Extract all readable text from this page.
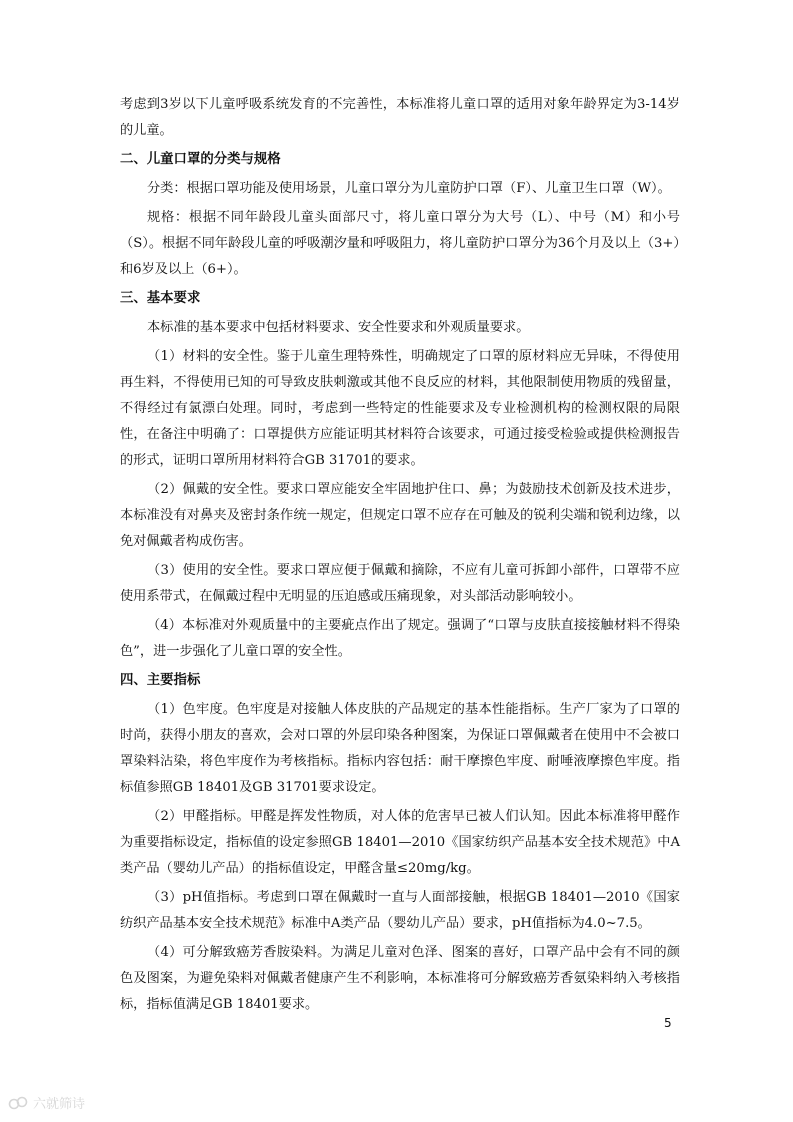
考虑到3岁以下儿童呼吸系统发育的不完善性，本标准将儿童口罩的适用对象年龄界定为3-14岁的儿童。

二、儿童口罩的分类与规格

分类：根据口罩功能及使用场景，儿童口罩分为儿童防护口罩（F）、儿童卫生口罩（W）。

规格：根据不同年龄段儿童头面部尺寸，将儿童口罩分为大号（L）、中号（M）和小号（S）。根据不同年龄段儿童的呼吸潮汐量和呼吸阻力，将儿童防护口罩分为36个月及以上（3+）和6岁及以上（6+）。

三、基本要求

本标准的基本要求中包括材料要求、安全性要求和外观质量要求。

（1）材料的安全性。鉴于儿童生理特殊性，明确规定了口罩的原材料应无异味，不得使用再生料，不得使用已知的可导致皮肤刺激或其他不良反应的材料，其他限制使用物质的残留量，不得经过有氯漂白处理。同时，考虑到一些特定的性能要求及专业检测机构的检测权限的局限性，在备注中明确了：口罩提供方应能证明其材料符合该要求，可通过接受检验或提供检测报告的形式，证明口罩所用材料符合GB 31701的要求。

（2）佩戴的安全性。要求口罩应能安全牢固地护住口、鼻；为鼓励技术创新及技术进步，本标准没有对鼻夹及密封条作统一规定，但规定口罩不应存在可触及的锐利尖端和锐利边缘，以免对佩戴者构成伤害。

（3）使用的安全性。要求口罩应便于佩戴和摘除，不应有儿童可拆卸小部件，口罩带不应使用系带式，在佩戴过程中无明显的压迫感或压痛现象，对头部活动影响较小。

（4）本标准对外观质量中的主要疵点作出了规定。强调了“口罩与皮肤直接接触材料不得染色”，进一步强化了儿童口罩的安全性。

四、主要指标

（1）色牢度。色牢度是对接触人体皮肤的产品规定的基本性能指标。生产厂家为了口罩的时尚，获得小朋友的喜欢，会对口罩的外层印染各种图案，为保证口罩佩戴者在使用中不会被口罩染料沾染，将色牢度作为考核指标。指标内容包括：耐干摩擦色牢度、耐唾液摩擦色牢度。指标值参照GB 18401及GB 31701要求设定。

（2）甲醛指标。甲醛是挥发性物质，对人体的危害早已被人们认知。因此本标准将甲醛作为重要指标设定，指标值的设定参照GB 18401—2010《国家纺织产品基本安全技术规范》中A类产品（婴幼儿产品）的指标值设定，甲醛含量≤20mg/kg。

（3）pH值指标。考虑到口罩在佩戴时一直与人面部接触，根据GB 18401—2010《国家纺织产品基本安全技术规范》标准中A类产品（婴幼儿产品）要求，pH值指标为4.0~7.5。

（4）可分解致癌芳香胺染料。为满足儿童对色泽、图案的喜好，口罩产品中会有不同的颜色及图案，为避免染料对佩戴者健康产生不利影响，本标准将可分解致癌芳香氨染料纳入考核指标，指标值满足GB 18401要求。

5
六就筛诗
